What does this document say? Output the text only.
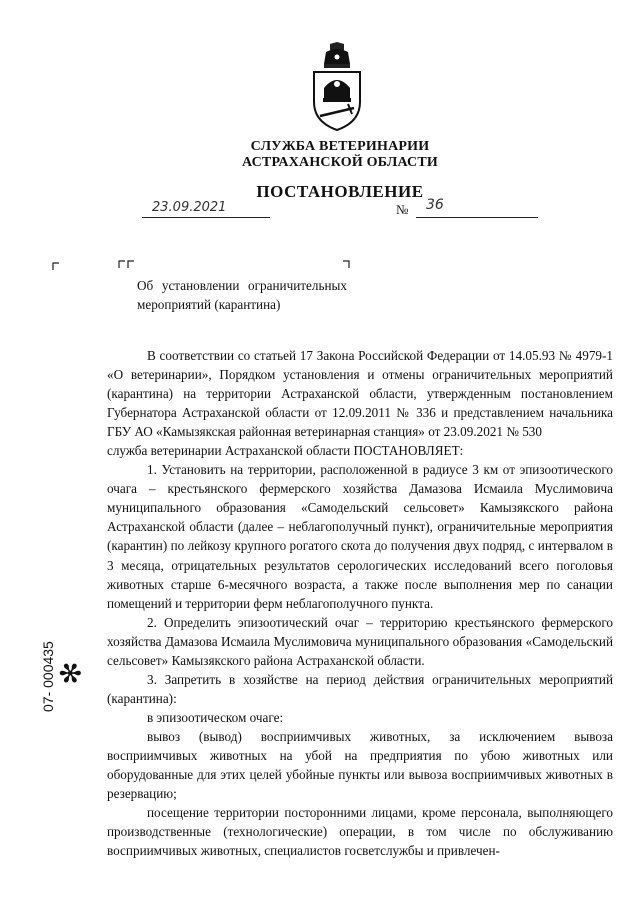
СЛУЖБА ВЕТЕРИНАРИИ
АСТРАХАНСКОЙ ОБЛАСТИ
ПОСТАНОВЛЕНИЕ
23.09.2021	№ 36
Об установлении ограничительных мероприятий (карантина)

В соответствии со статьей 17 Закона Российской Федерации от 14.05.93 № 4979-1 «О ветеринарии», Порядком установления и отмены ограничительных мероприятий (карантина) на территории Астраханской области, утвержденным постановлением Губернатора Астраханской области от 12.09.2011 № 336 и представлением начальника ГБУ АО «Камызякская районная ветеринарная станция» от 23.09.2021 № 530

служба ветеринарии Астраханской области ПОСТАНОВЛЯЕТ:

1. Установить на территории, расположенной в радиусе 3 км от эпизоотического очага – крестьянского фермерского хозяйства Дамазова Исмаила Муслимовича муниципального образования «Самодельский сельсовет» Камызякского района Астраханской области (далее – неблагополучный пункт), ограничительные мероприятия (карантин) по лейкозу крупного рогатого скота до получения двух подряд, с интервалом в 3 месяца, отрицательных результатов серологических исследований всего поголовья животных старше 6-месячного возраста, а также после выполнения мер по санации помещений и территории ферм неблагополучного пункта.

2. Определить эпизоотический очаг – территорию крестьянского фермерского хозяйства Дамазова Исмаила Муслимовича муниципального образования «Самодельский сельсовет» Камызякского района Астраханской области.

3. Запретить в хозяйстве на период действия ограничительных мероприятий (карантина):

в эпизоотическом очаге:

вывоз (вывод) восприимчивых животных, за исключением вывоза восприимчивых животных на убой на предприятия по убою животных или оборудованные для этих целей убойные пункты или вывоза восприимчивых животных в резервацию;

посещение территории посторонними лицами, кроме персонала, выполняющего производственные (технологические) операции, в том числе по обслуживанию восприимчивых животных, специалистов госветслужбы и привлечен-

07- 000435
✻
